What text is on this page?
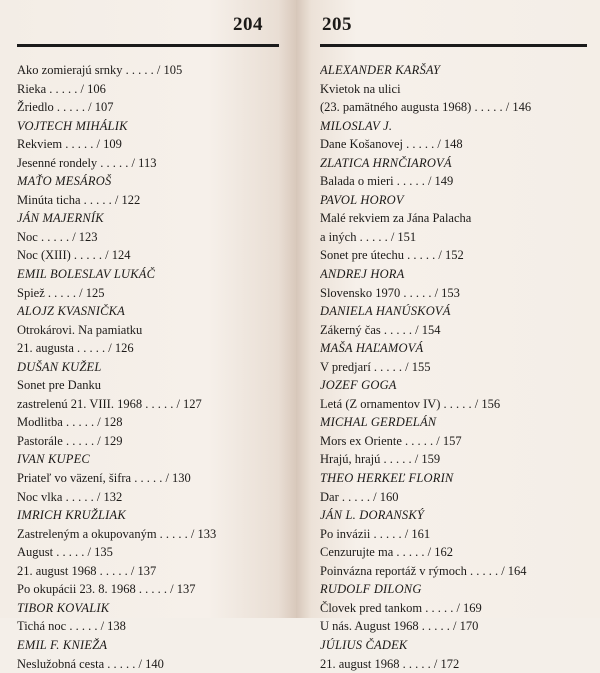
204
Ako zomierajú srnky . . . . . / 105
Rieka . . . . . / 106
Žriedlo . . . . . / 107
VOJTECH MIHÁLIK
Rekviem . . . . . / 109
Jesenné rondely . . . . . / 113
MAŤO MESÁROŠ
Minúta ticha . . . . . / 122
JÁN MAJERNÍK
Noc . . . . . / 123
Noc (XIII) . . . . . / 124
EMIL BOLESLAV LUKÁČ
Spiež . . . . . / 125
ALOJZ KVASNIČKA
Otrokárovi. Na pamiatku
21. augusta . . . . . / 126
DUŠAN KUŽEL
Sonet pre Danku
zastrelenú 21. VIII. 1968 . . . . . / 127
Modlitba . . . . . / 128
Pastorále . . . . . / 129
IVAN KUPEC
Priateľ vo väzení, šifra . . . . . / 130
Noc vlka . . . . . / 132
IMRICH KRUŽLIAK
Zastreleným a okupovaným . . . . . / 133
August . . . . . / 135
21. august 1968 . . . . . / 137
Po okupácii 23. 8. 1968 . . . . . / 137
TIBOR KOVALIK
Tichá noc . . . . . / 138
EMIL F. KNIEŽA
Neslužobná cesta . . . . . / 140
205
ALEXANDER KARŠAY
Kvietok na ulici
(23. pamätného augusta 1968) . . . . . / 146
MILOSLAV J.
Dane Košanovej . . . . . / 148
ZLATICA HRNČIAROVÁ
Balada o mieri . . . . . / 149
PAVOL HOROV
Malé rekviem za Jána Palacha
a iných . . . . . / 151
Sonet pre útechu . . . . . / 152
ANDREJ HORA
Slovensko 1970 . . . . . / 153
DANIELA HANÚSKOVÁ
Zákerný čas . . . . . / 154
MAŠA HAĽAMOVÁ
V predjarí . . . . . / 155
JOZEF GOGA
Letá (Z ornamentov IV) . . . . . / 156
MICHAL GERDELÁN
Mors ex Oriente . . . . . / 157
Hrajú, hrajú . . . . . / 159
THEO HERKEĽ FLORIN
Dar . . . . . / 160
JÁN L. DORANSKÝ
Po invázii . . . . . / 161
Cenzurujte ma . . . . . / 162
Poinvázna reportáž v rýmoch . . . . . / 164
RUDOLF DILONG
Človek pred tankom . . . . . / 169
U nás. August 1968 . . . . . / 170
JÚLIUS ČADEK
21. august 1968 . . . . . / 172
